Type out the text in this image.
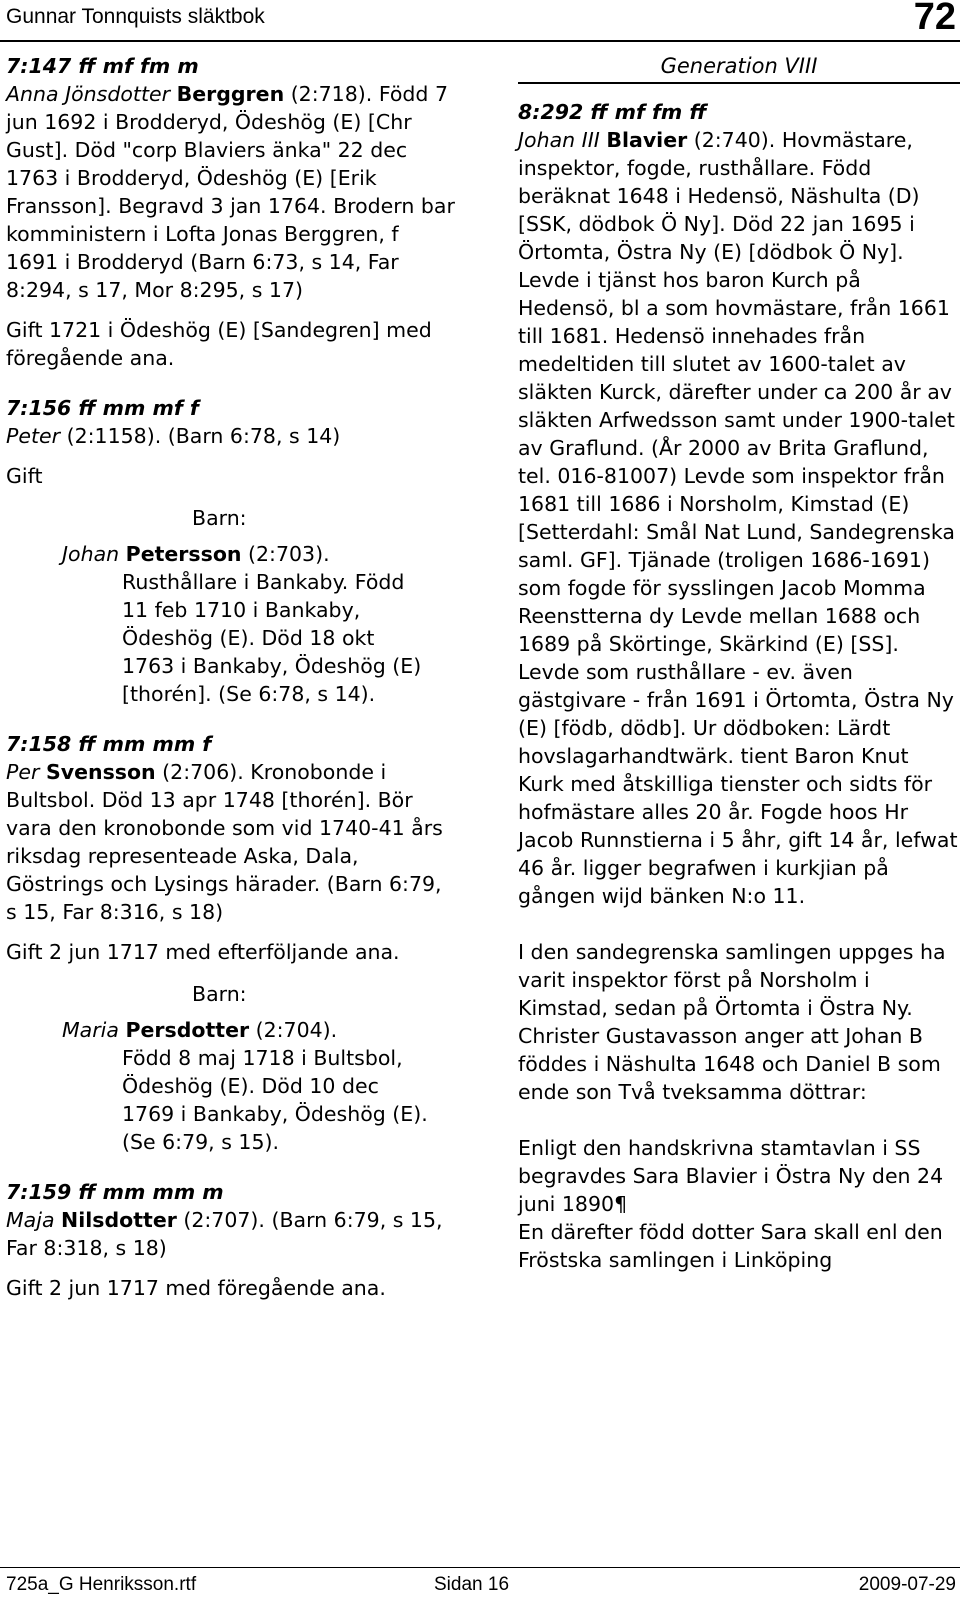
Gunnar Tonnquists släktbok	72

7:147 ff mf fm m

Anna Jönsdotter Berggren (2:718). Född 7 jun 1692 i Brodderyd, Ödeshög (E) [Chr Gust]. Död "corp Blaviers änka" 22 dec 1763 i Brodderyd, Ödeshög (E) [Erik Fransson]. Begravd 3 jan 1764. Brodern bar komministern i Lofta Jonas Berggren, f 1691 i Brodderyd (Barn 6:73, s 14, Far 8:294, s 17, Mor 8:295, s 17)

Gift 1721 i Ödeshög (E) [Sandegren] med föregående ana.

7:156 ff mm mf f

Peter (2:1158). (Barn 6:78, s 14)

Gift

Barn:

Johan Petersson (2:703).
Rusthållare i Bankaby. Född 11 feb 1710 i Bankaby, Ödeshög (E). Död 18 okt 1763 i Bankaby, Ödeshög (E) [thorén]. (Se 6:78, s 14).

7:158 ff mm mm f

Per Svensson (2:706). Kronobonde i Bultsbol. Död 13 apr 1748 [thorén]. Bör vara den kronobonde som vid 1740-41 års riksdag representeade Aska, Dala, Göstrings och Lysings härader. (Barn 6:79, s 15, Far 8:316, s 18)

Gift 2 jun 1717 med efterföljande ana.

Barn:

Maria Persdotter (2:704).
Född 8 maj 1718 i Bultsbol, Ödeshög (E). Död 10 dec 1769 i Bankaby, Ödeshög (E). (Se 6:79, s 15).

7:159 ff mm mm m

Maja Nilsdotter (2:707). (Barn 6:79, s 15, Far 8:318, s 18)

Gift 2 jun 1717 med föregående ana.

Generation VIII

8:292 ff mf fm ff

Johan III Blavier (2:740). Hovmästare, inspektor, fogde, rusthållare. Född beräknat 1648 i Hedensö, Näshulta (D) [SSK, dödbok Ö Ny]. Död 22 jan 1695 i Örtomta, Östra Ny (E) [dödbok Ö Ny]. Levde i tjänst hos baron Kurch på Hedensö, bl a som hovmästare, från 1661 till 1681. Hedensö innehades från medeltiden till slutet av 1600-talet av släkten Kurck, därefter under ca 200 år av släkten Arfwedsson samt under 1900-talet av Graflund. (År 2000 av Brita Graflund, tel. 016-81007) Levde som inspektor från 1681 till 1686 i Norsholm, Kimstad (E) [Setterdahl: Smål Nat Lund, Sandegrenska saml. GF]. Tjänade (troligen 1686-1691) som fogde för sysslingen Jacob Momma Reenstterna dy Levde mellan 1688 och 1689 på Skörtinge, Skärkind (E) [SS]. Levde som rusthållare - ev. även gästgivare - från 1691 i Örtomta, Östra Ny (E) [födb, dödb]. Ur dödboken: Lärdt hovslagarhandtwärk. tient Baron Knut Kurk med åtskilliga tienster och sidts för hofmästare alles 20 år. Fogde hoos Hr Jacob Runnstierna i 5 åhr, gift 14 år, lefwat 46 år. ligger begrafwen i kurkjian på gången wijd bänken N:o 11.

I den sandegrenska samlingen uppges ha varit inspektor först på Norsholm i Kimstad, sedan på Örtomta i Östra Ny. Christer Gustavasson anger att Johan B föddes i Näshulta 1648 och Daniel B som ende son Två tveksamma döttrar:

Enligt den handskrivna stamtavlan i SS begravdes Sara Blavier i Östra Ny den 24 juni 1890¶

En därefter född dotter Sara skall enl den Fröstska samlingen i Linköping

725a_G Henriksson.rtf	Sidan 16	2009-07-29
